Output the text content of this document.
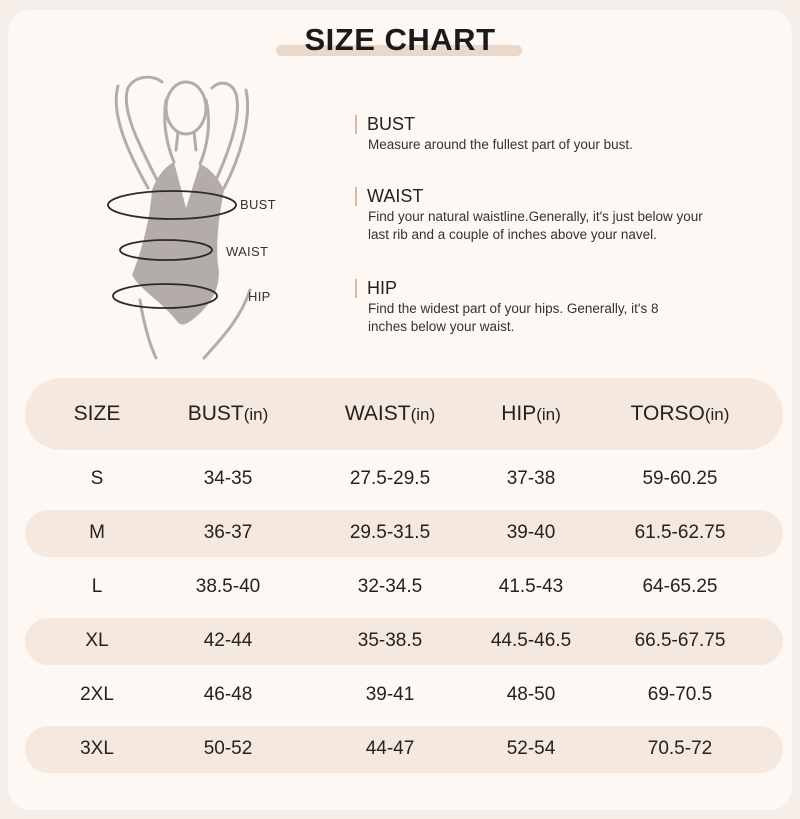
SIZE CHART
BUST
WAIST
HIP
BUST
Measure around the fullest part of your bust.
WAIST
Find your natural waistline.Generally, it's just below your
last rib and a couple of inches above your navel.
HIP
Find the widest part of your hips. Generally, it's 8
inches below your waist.
SIZE	BUST(in)	WAIST(in)	HIP(in)	TORSO(in)
S	34-35	27.5-29.5	37-38	59-60.25
M	36-37	29.5-31.5	39-40	61.5-62.75
L	38.5-40	32-34.5	41.5-43	64-65.25
XL	42-44	35-38.5	44.5-46.5	66.5-67.75
2XL	46-48	39-41	48-50	69-70.5
3XL	50-52	44-47	52-54	70.5-72
